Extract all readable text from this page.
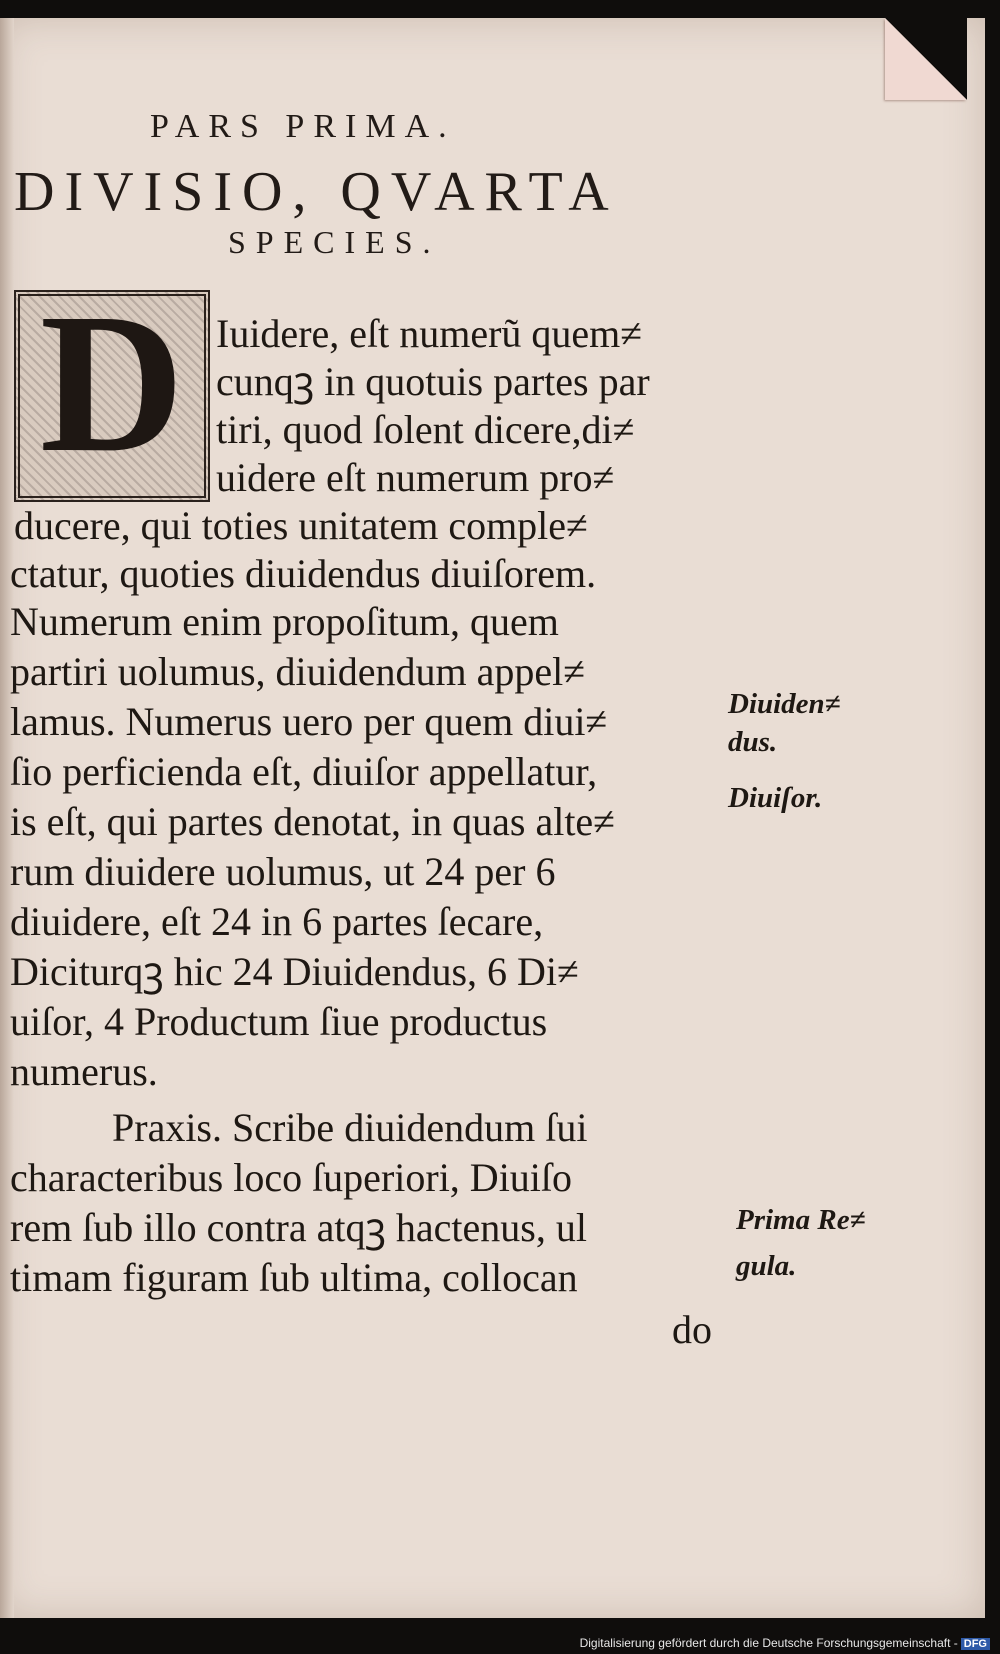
PARS PRIMA.
DIVISIO, QVARTA
SPECIES.
D Iuidere, eſt numerũ quem≠
cunqꝫ in quotuis partes par
tiri, quod ſolent dicere,di≠
uidere eſt numerum pro≠
ducere, qui toties unitatem comple≠
ctatur, quoties diuidendus diuiſorem.
Numerum enim propoſitum, quem
partiri uolumus, diuidendum appel≠
lamus. Numerus uero per quem diui≠
ſio perficienda eſt, diuiſor appellatur,
is eſt, qui partes denotat, in quas alte≠
rum diuidere uolumus, ut 24 per 6
diuidere, eſt 24 in 6 partes ſecare,
Diciturqꝫ hic 24 Diuidendus, 6 Di≠
uiſor, 4 Productum ſiue productus
numerus.
Praxis. Scribe diuidendum ſui
characteribus loco ſuperiori, Diuiſo
rem ſub illo contra atqꝫ hactenus, ul
timam figuram ſub ultima, collocan
do
Diuiden≠
dus.
Diuiſor.
Prima Re≠
gula.
Digitalisierung gefördert durch die Deutsche Forschungsgemeinschaft - DFG
